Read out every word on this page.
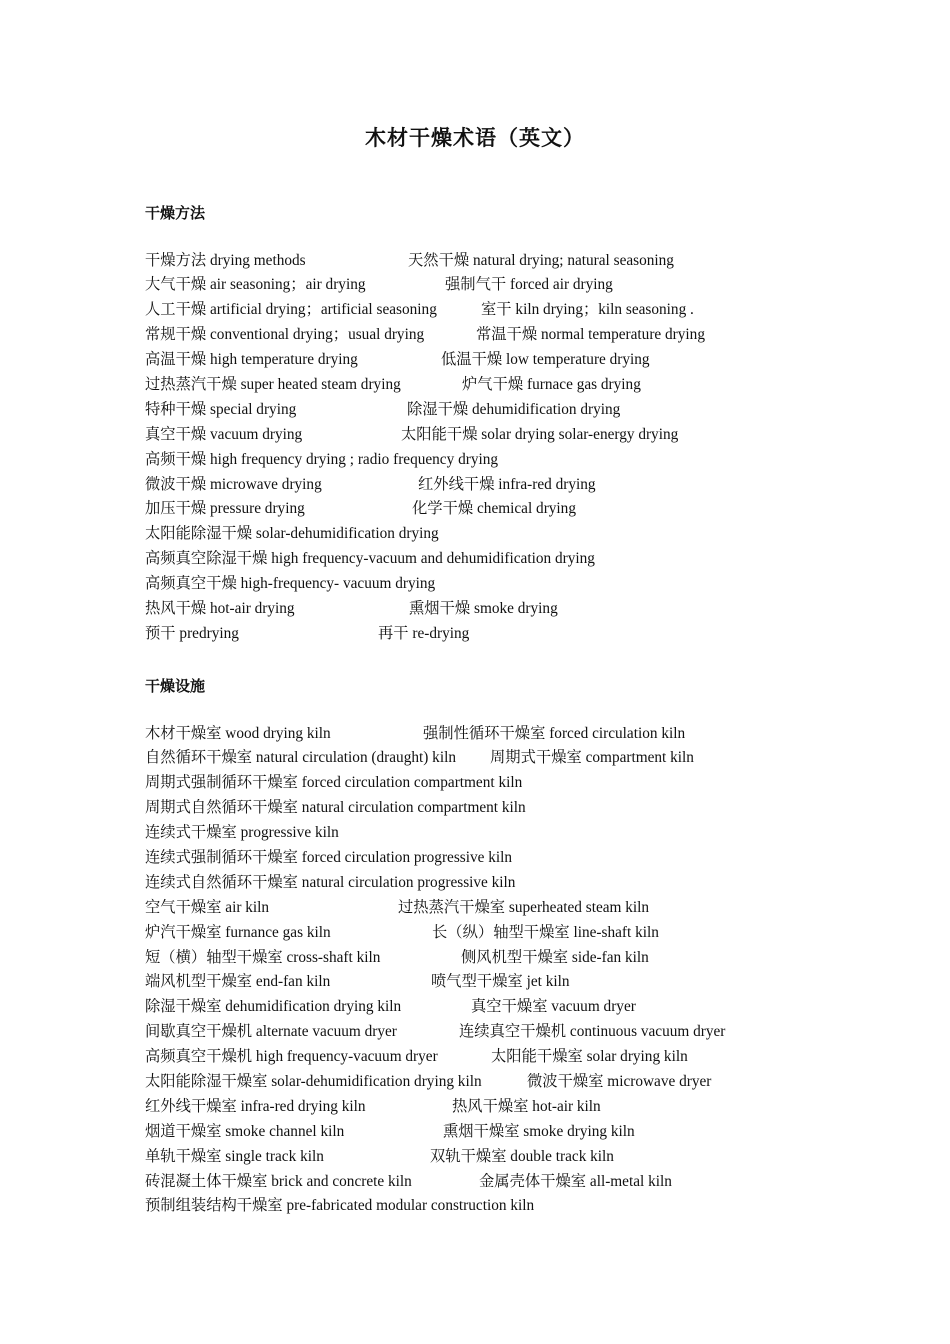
木材干燥术语（英文）
干燥方法
干燥方法 drying methods	天然干燥 natural drying; natural seasoning
大气干燥 air seasoning；air drying	强制气干 forced air drying
人工干燥 artificial drying；artificial seasoning	室干 kiln drying；kiln seasoning .
常规干燥 conventional drying；usual drying	常温干燥 normal temperature drying
高温干燥 high temperature drying	低温干燥 low temperature drying
过热蒸汽干燥 super heated steam drying	炉气干燥 furnace gas drying
特种干燥 special drying	除湿干燥 dehumidification drying
真空干燥 vacuum drying	太阳能干燥 solar drying solar-energy drying
高频干燥 high frequency drying ; radio frequency drying
微波干燥 microwave drying	红外线干燥 infra-red drying
加压干燥 pressure drying	化学干燥 chemical drying
太阳能除湿干燥 solar-dehumidification drying
高频真空除湿干燥 high frequency-vacuum and dehumidification drying
高频真空干燥 high-frequency- vacuum drying
热风干燥 hot-air drying	熏烟干燥 smoke drying
预干 predrying	再干 re-drying
干燥设施
木材干燥室 wood drying kiln	强制性循环干燥室 forced circulation kiln
自然循环干燥室 natural circulation (draught) kiln 周期式干燥室 compartment kiln
周期式强制循环干燥室 forced circulation compartment kiln
周期式自然循环干燥室 natural circulation compartment kiln
连续式干燥室 progressive kiln
连续式强制循环干燥室 forced circulation progressive kiln
连续式自然循环干燥室 natural circulation progressive kiln
空气干燥室 air kiln	过热蒸汽干燥室 superheated steam kiln
炉汽干燥室 furnance gas kiln	长（纵）轴型干燥室 line-shaft kiln
短（横）轴型干燥室 cross-shaft kiln	侧风机型干燥室 side-fan kiln
端风机型干燥室 end-fan kiln	喷气型干燥室 jet kiln
除湿干燥室 dehumidification drying kiln	真空干燥室 vacuum dryer
间歇真空干燥机 alternate vacuum dryer	连续真空干燥机 continuous vacuum dryer
高频真空干燥机 high frequency-vacuum dryer	太阳能干燥室 solar drying kiln
太阳能除湿干燥室 solar-dehumidification drying kiln	微波干燥室 microwave dryer
红外线干燥室 infra-red drying kiln	热风干燥室 hot-air kiln
烟道干燥室 smoke channel kiln	熏烟干燥室 smoke drying kiln
单轨干燥室 single track kiln	双轨干燥室 double track kiln
砖混凝土体干燥室 brick and concrete kiln	金属壳体干燥室 all-metal kiln
预制组装结构干燥室 pre-fabricated modular construction kiln
